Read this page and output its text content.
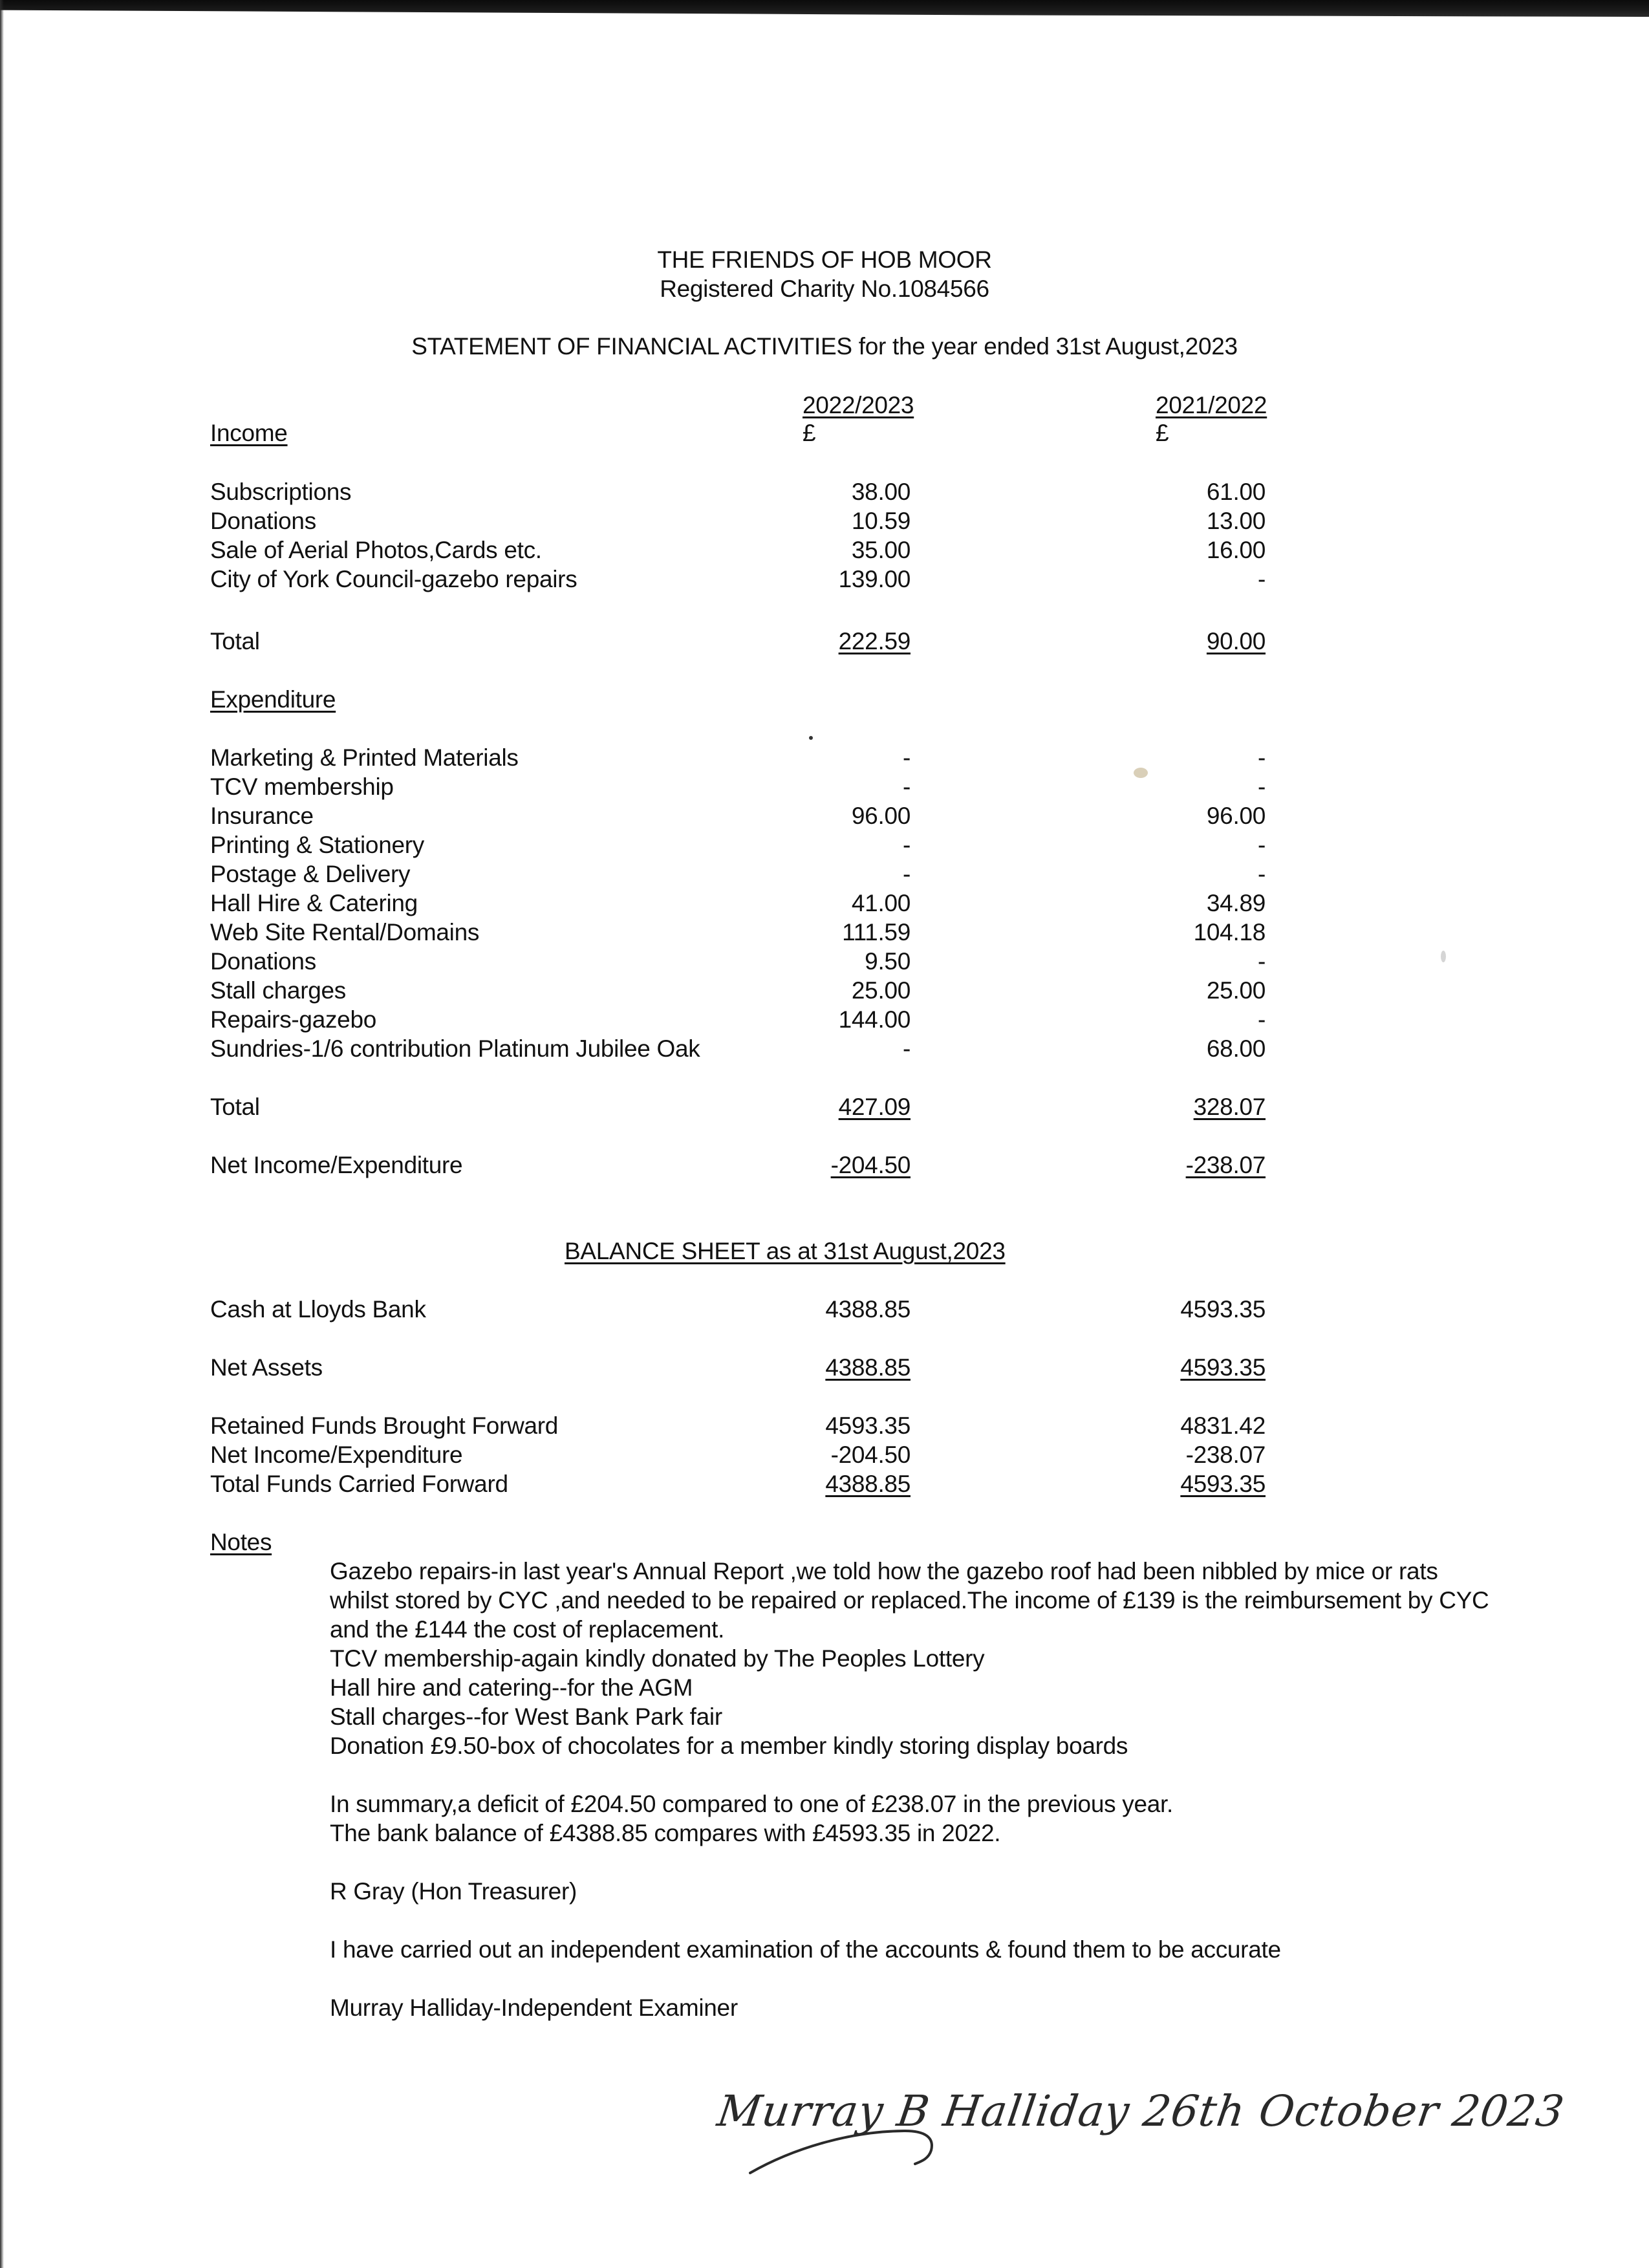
THE FRIENDS OF HOB MOOR
Registered Charity No.1084566
STATEMENT OF FINANCIAL ACTIVITIES for the year ended 31st August,2023
2022/2023	2021/2022
£	£
Income
Subscriptions	38.00	61.00
Donations	10.59	13.00
Sale of Aerial Photos,Cards etc.	35.00	16.00
City of York Council-gazebo repairs	139.00	-
Total	222.59	90.00
Expenditure
Marketing & Printed Materials	-	-
TCV membership	-	-
Insurance	96.00	96.00
Printing & Stationery	-	-
Postage & Delivery	-	-
Hall Hire & Catering	41.00	34.89
Web Site Rental/Domains	111.59	104.18
Donations	9.50	-
Stall charges	25.00	25.00
Repairs-gazebo	144.00	-
Sundries-1/6 contribution Platinum Jubilee Oak	-	68.00
Total	427.09	328.07
Net Income/Expenditure	-204.50	-238.07
BALANCE SHEET as at 31st August,2023
Cash at Lloyds Bank	4388.85	4593.35
Net Assets	4388.85	4593.35
Retained Funds Brought Forward	4593.35	4831.42
Net Income/Expenditure	-204.50	-238.07
Total Funds Carried Forward	4388.85	4593.35
Notes
Gazebo repairs-in last year's Annual Report ,we told how the gazebo roof had been nibbled by mice or rats
whilst stored by CYC ,and needed to be repaired or replaced.The income of £139 is the reimbursement by CYC
and the £144 the cost of replacement.
TCV membership-again kindly donated by The Peoples Lottery
Hall hire and catering--for the AGM
Stall charges--for West Bank Park fair
Donation £9.50-box of chocolates for a member kindly storing display boards
In summary,a deficit of £204.50 compared to one of £238.07 in the previous year.
The bank balance of £4388.85 compares with £4593.35 in 2022.
R Gray (Hon Treasurer)
I have carried out an independent examination of the accounts & found them to be accurate
Murray Halliday-Independent Examiner
Murray B Halliday 26th October 2023
